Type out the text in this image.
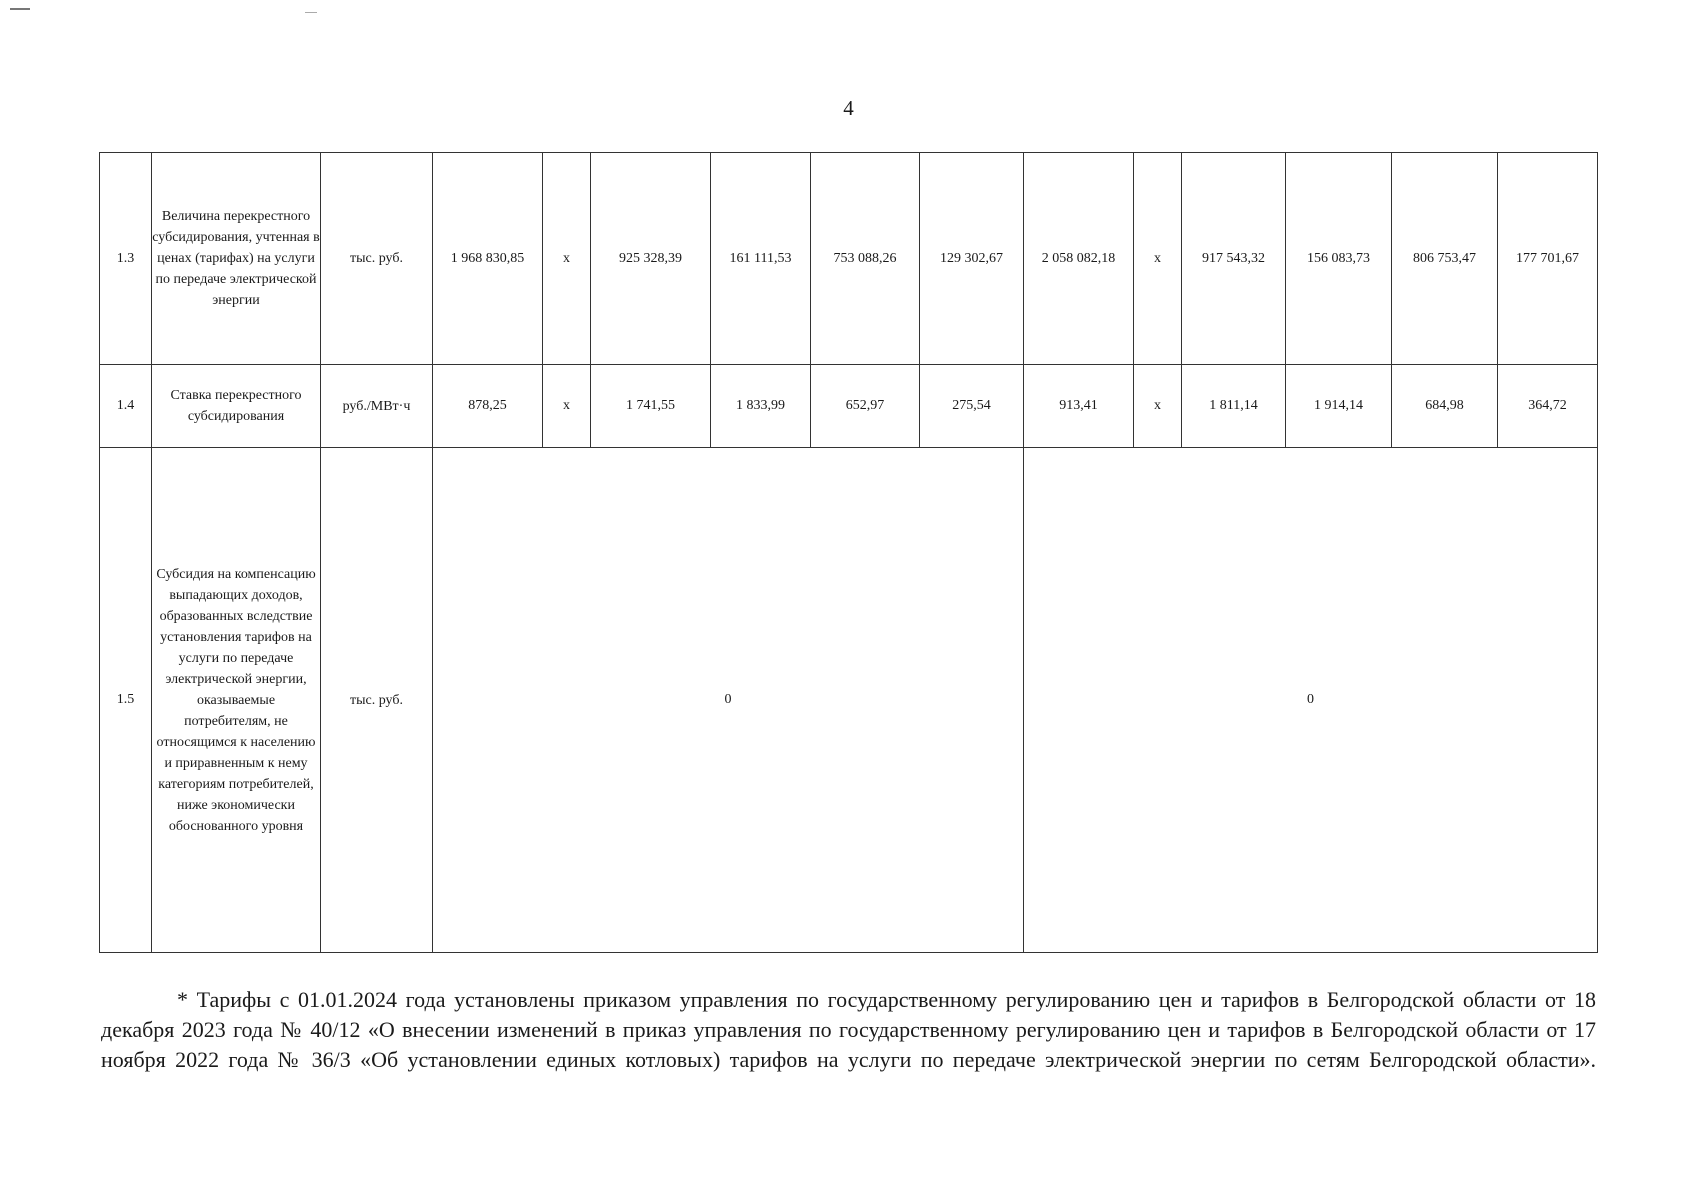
4
1.3	Величина перекрестного субсидирования, учтенная в ценах (тарифах) на услуги по передаче электрической энергии	тыс. руб.	1 968 830,85	х	925 328,39	161 111,53	753 088,26	129 302,67	2 058 082,18	х	917 543,32	156 083,73	806 753,47	177 701,67
1.4	Ставка перекрестного субсидирования	руб./МВт·ч	878,25	х	1 741,55	1 833,99	652,97	275,54	913,41	х	1 811,14	1 914,14	684,98	364,72
1.5	Субсидия на компенсацию выпадающих доходов, образованных вследствие установления тарифов на услуги по передаче электрической энергии, оказываемые потребителям, не относящимся к населению и приравненным к нему категориям потребителей, ниже экономически обоснованного уровня	тыс. руб.	0						0					
* Тарифы с 01.01.2024 года установлены приказом управления по государственному регулированию цен и тарифов в Белгородской области от 18 декабря 2023 года № 40/12 «О внесении изменений в приказ управления по государственному регулированию цен и тарифов в Белгородской области от 17 ноября 2022 года № 36/3 «Об установлении единых котловых) тарифов на услуги по передаче электрической энергии по сетям Белгородской области».
